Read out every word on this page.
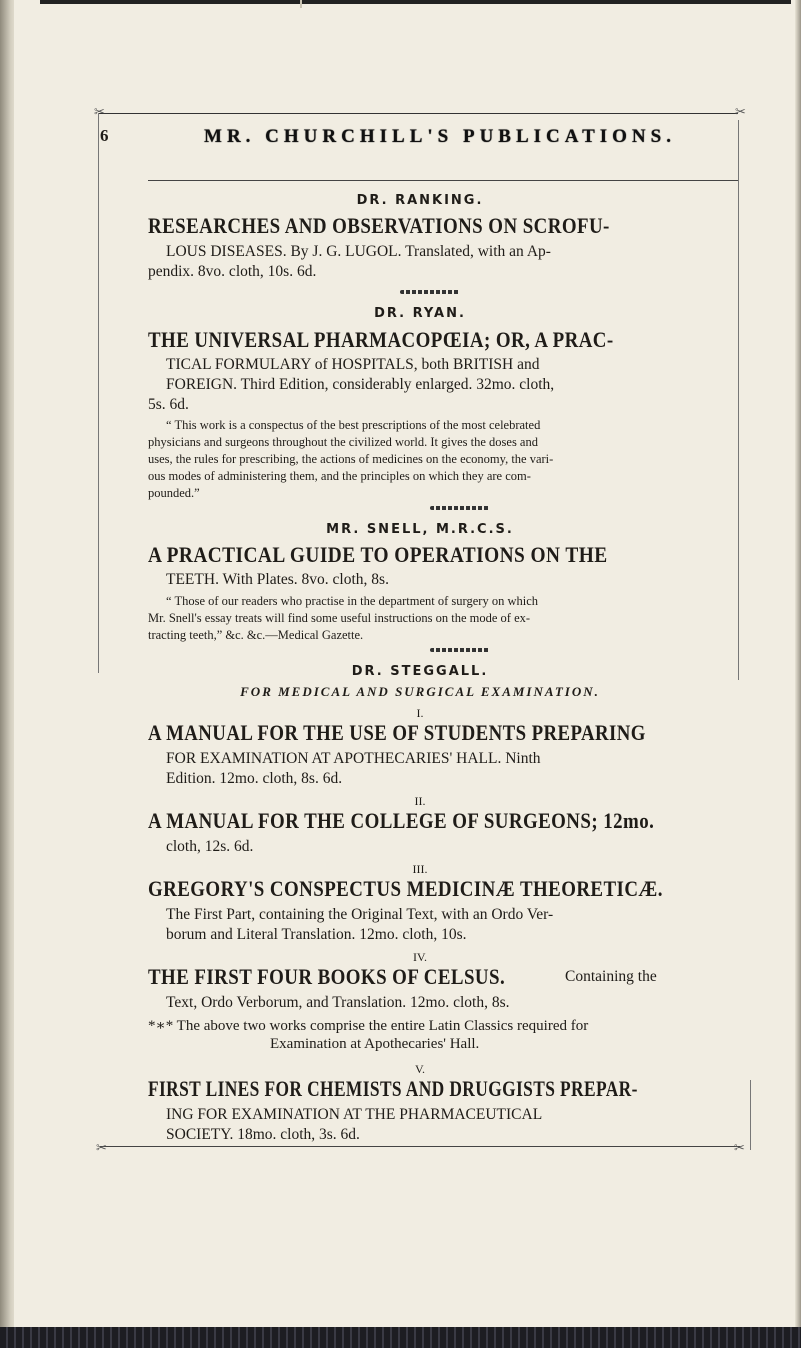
✂	✂
6	MR. CHURCHILL'S PUBLICATIONS.
DR. RANKING.
RESEARCHES AND OBSERVATIONS ON SCROFU-
LOUS DISEASES. By J. G. LUGOL. Translated, with an Ap-
pendix. 8vo. cloth, 10s. 6d.
DR. RYAN.
THE UNIVERSAL PHARMACOPŒIA; OR, A PRAC-
TICAL FORMULARY of HOSPITALS, both BRITISH and
FOREIGN. Third Edition, considerably enlarged. 32mo. cloth,
5s. 6d.
“ This work is a conspectus of the best prescriptions of the most celebrated
physicians and surgeons throughout the civilized world. It gives the doses and
uses, the rules for prescribing, the actions of medicines on the economy, the vari-
ous modes of administering them, and the principles on which they are com-
pounded.”
MR. SNELL, M.R.C.S.
A PRACTICAL GUIDE TO OPERATIONS ON THE
TEETH. With Plates. 8vo. cloth, 8s.
“ Those of our readers who practise in the department of surgery on which
Mr. Snell's essay treats will find some useful instructions on the mode of ex-
tracting teeth,” &c. &c.—Medical Gazette.
DR. STEGGALL.
FOR MEDICAL AND SURGICAL EXAMINATION.
I.
A MANUAL FOR THE USE OF STUDENTS PREPARING
FOR EXAMINATION AT APOTHECARIES' HALL. Ninth
Edition. 12mo. cloth, 8s. 6d.
II.
A MANUAL FOR THE COLLEGE OF SURGEONS; 12mo.
cloth, 12s. 6d.
III.
GREGORY'S CONSPECTUS MEDICINÆ THEORETICÆ.
The First Part, containing the Original Text, with an Ordo Ver-
borum and Literal Translation. 12mo. cloth, 10s.
IV.
THE FIRST FOUR BOOKS OF CELSUS.	Containing the
Text, Ordo Verborum, and Translation. 12mo. cloth, 8s.
*∗* The above two works comprise the entire Latin Classics required for
Examination at Apothecaries' Hall.
V.
FIRST LINES FOR CHEMISTS AND DRUGGISTS PREPAR-
ING FOR EXAMINATION AT THE PHARMACEUTICAL
SOCIETY. 18mo. cloth, 3s. 6d.
✂	✂
